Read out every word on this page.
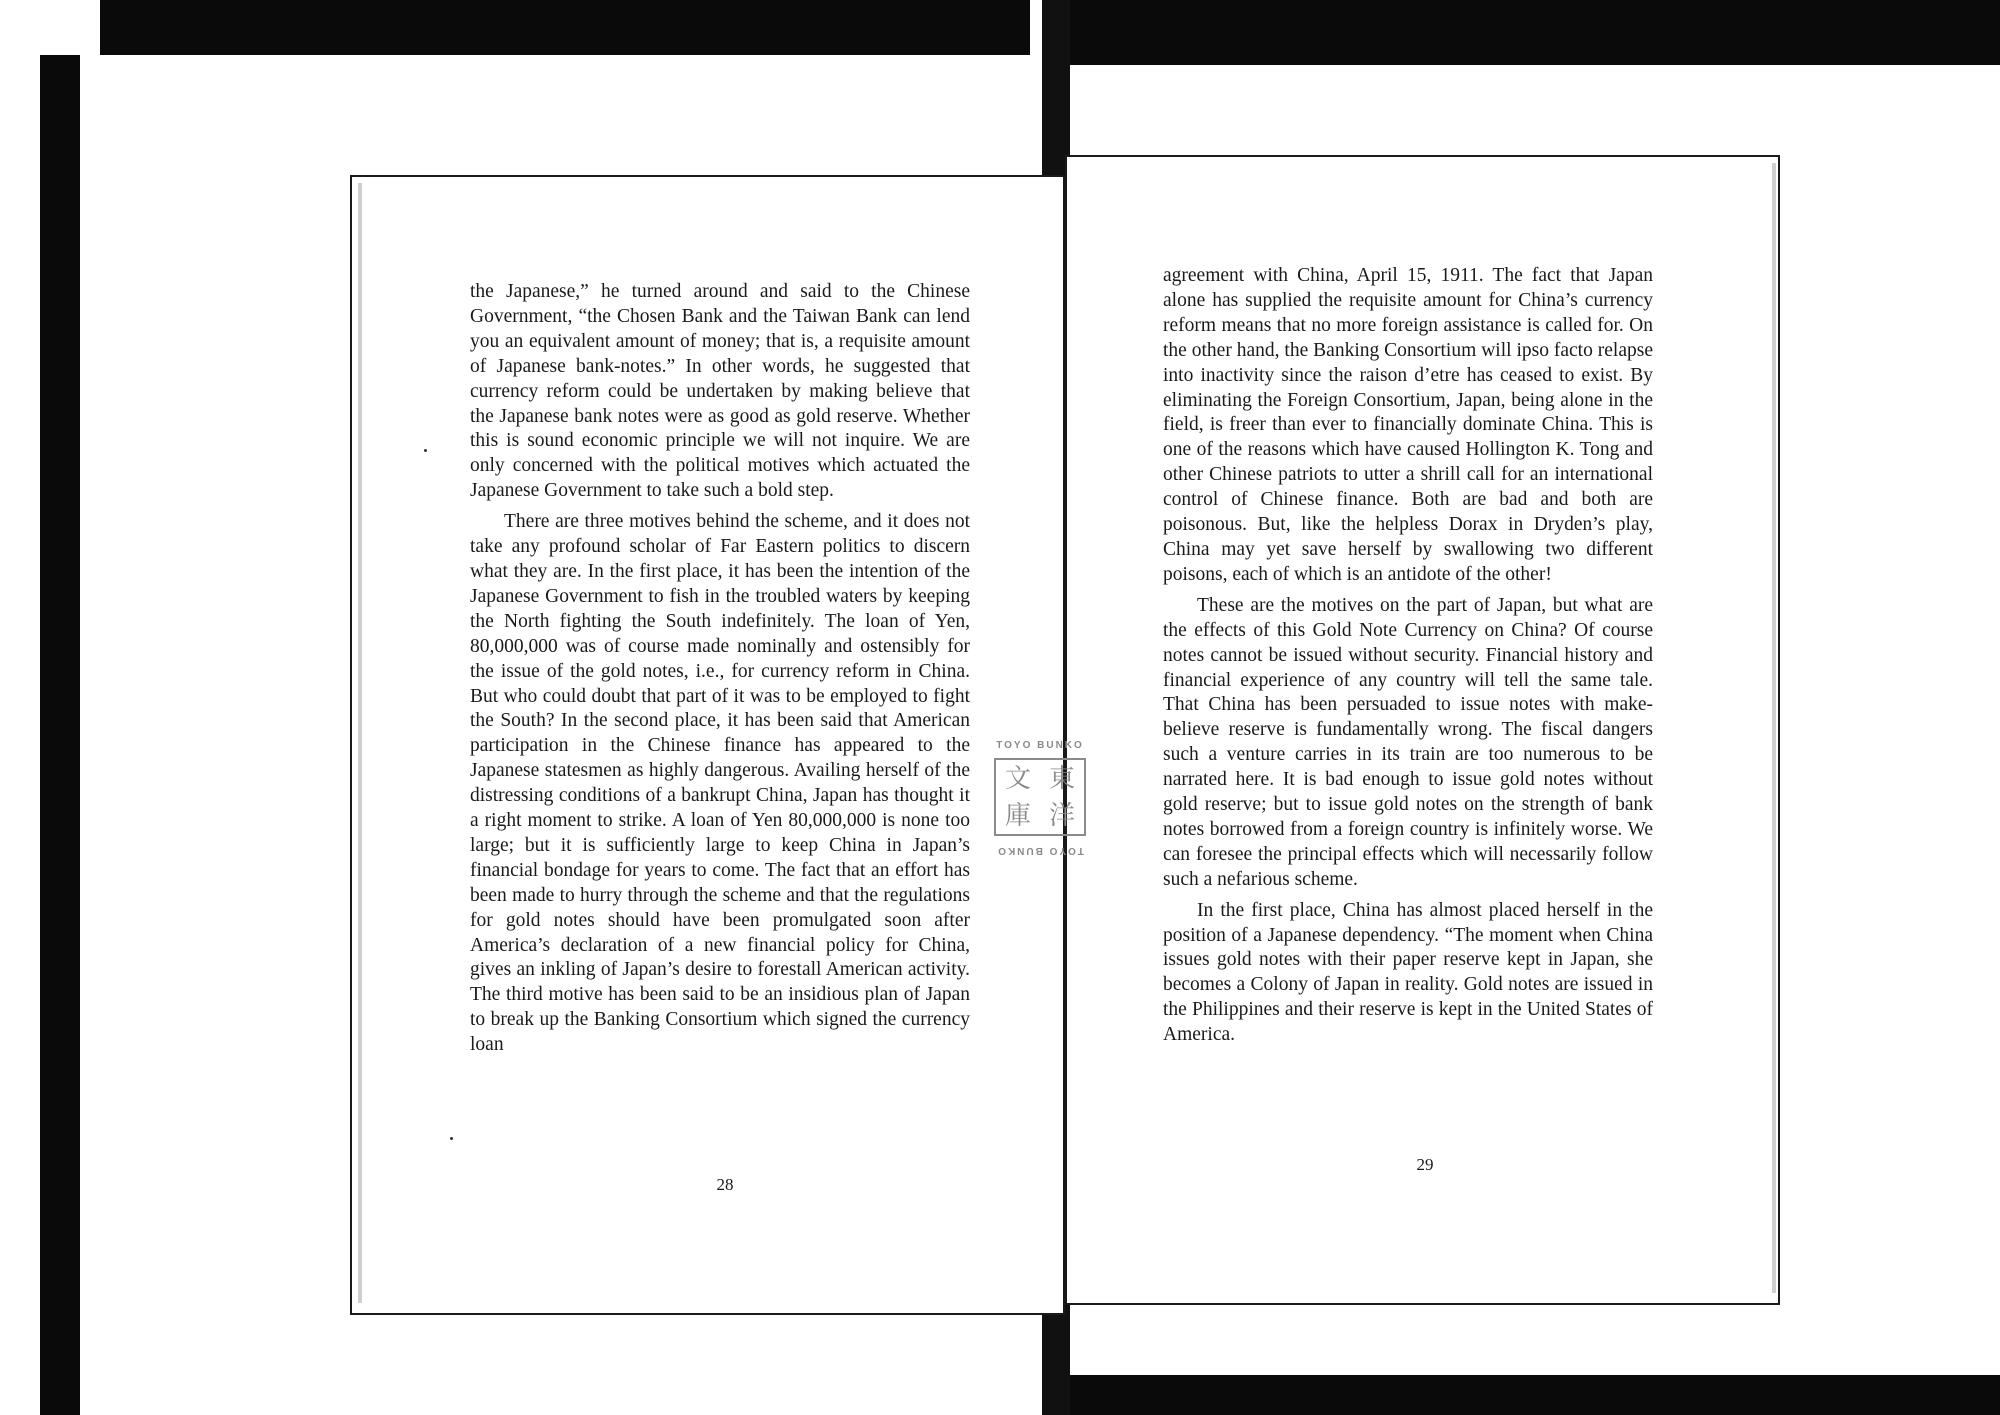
the Japanese,” he turned around and said to the Chinese Government, “the Chosen Bank and the Taiwan Bank can lend you an equivalent amount of money; that is, a requisite amount of Japanese bank-notes.” In other words, he suggested that currency reform could be undertaken by making believe that the Japanese bank notes were as good as gold reserve. Whether this is sound economic principle we will not inquire. We are only concerned with the political motives which actuated the Japanese Government to take such a bold step.

There are three motives behind the scheme, and it does not take any profound scholar of Far Eastern politics to discern what they are. In the first place, it has been the intention of the Japanese Government to fish in the troubled waters by keeping the North fighting the South indefinitely. The loan of Yen, 80,000,000 was of course made nominally and ostensibly for the issue of the gold notes, i.e., for currency reform in China. But who could doubt that part of it was to be employed to fight the South? In the second place, it has been said that American participation in the Chinese finance has appeared to the Japanese statesmen as highly dangerous. Availing herself of the distressing conditions of a bankrupt China, Japan has thought it a right moment to strike. A loan of Yen 80,000,000 is none too large; but it is sufficiently large to keep China in Japan’s financial bondage for years to come. The fact that an effort has been made to hurry through the scheme and that the regulations for gold notes should have been promulgated soon after America’s declaration of a new financial policy for China, gives an inkling of Japan’s desire to forestall American activity. The third motive has been said to be an insidious plan of Japan to break up the Banking Consortium which signed the currency loan

28

agreement with China, April 15, 1911. The fact that Japan alone has supplied the requisite amount for China’s currency reform means that no more foreign assistance is called for. On the other hand, the Banking Consortium will ipso facto relapse into inactivity since the raison d’etre has ceased to exist. By eliminating the Foreign Consortium, Japan, being alone in the field, is freer than ever to financially dominate China. This is one of the reasons which have caused Hollington K. Tong and other Chinese patriots to utter a shrill call for an international control of Chinese finance. Both are bad and both are poisonous. But, like the helpless Dorax in Dryden’s play, China may yet save herself by swallowing two different poisons, each of which is an antidote of the other!

These are the motives on the part of Japan, but what are the effects of this Gold Note Currency on China? Of course notes cannot be issued without security. Financial history and financial experience of any country will tell the same tale. That China has been persuaded to issue notes with make-believe reserve is fundamentally wrong. The fiscal dangers such a venture carries in its train are too numerous to be narrated here. It is bad enough to issue gold notes without gold reserve; but to issue gold notes on the strength of bank notes borrowed from a foreign country is infinitely worse. We can foresee the principal effects which will necessarily follow such a nefarious scheme.

In the first place, China has almost placed herself in the position of a Japanese dependency. “The moment when China issues gold notes with their paper reserve kept in Japan, she becomes a Colony of Japan in reality. Gold notes are issued in the Philippines and their reserve is kept in the United States of America.

29
TOYO BUNKO
文 東
庫 洋
TOYO BUNKO
